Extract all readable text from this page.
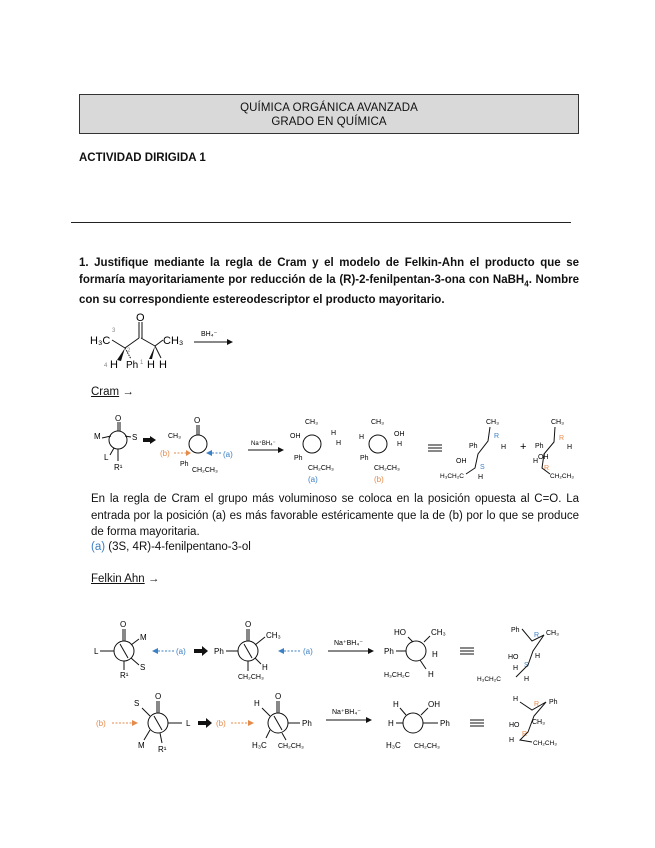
QUÍMICA ORGÁNICA AVANZADA
GRADO EN QUÍMICA
ACTIVIDAD DIRIGIDA 1
1. Justifique mediante la regla de Cram y el modelo de Felkin-Ahn el producto que se formaría mayoritariamente por reducción de la (R)-2-fenilpentan-3-ona con NaBH$_4$. Nombre con su correspondiente estereodescriptor el producto mayoritario.
H₃C
3
O
CH₃
2
4 H Ph 1 H H
BH₄⁻
Cram →
O
M	S
L
R¹
O
CH₃
(b)	(a)
Ph
CH₂CH₃
Na⁺BH₄⁻
CH₃
OH	H
H
Ph
CH₂CH₃
(a)
CH₃
H	OH
H
Ph
CH₂CH₃
(b)
CH₃
R
Ph	H
OH
S
H₃CH₂C H
+
CH₃
R
Ph	H
H
OH
R
CH₂CH₃
En la regla de Cram el grupo más voluminoso se coloca en la posición opuesta al C=O. La entrada por la posición (a) es más favorable estéricamente que la de (b) por lo que se produce de forma mayoritaria.
(a) (3S, 4R)-4-fenilpentano-3-ol
Felkin Ahn →
O
L
M
S
R¹
(a)
O
Ph
CH₃
H
CH₂CH₃
(a)
Na⁺BH₄⁻
HO	CH₃
Ph	H
H₃CH₂C H
Ph
R CH₃
H
HO
S
H
H₃CH₂C	H
(b)
O
S
L
M R¹
(b)
O
H
Ph
H₃C CH₂CH₃
Na⁺BH₄⁻
H	OH
H	Ph
H₃C CH₂CH₃
H
R Ph
CH₃
HO
R
H	CH₂CH₃
